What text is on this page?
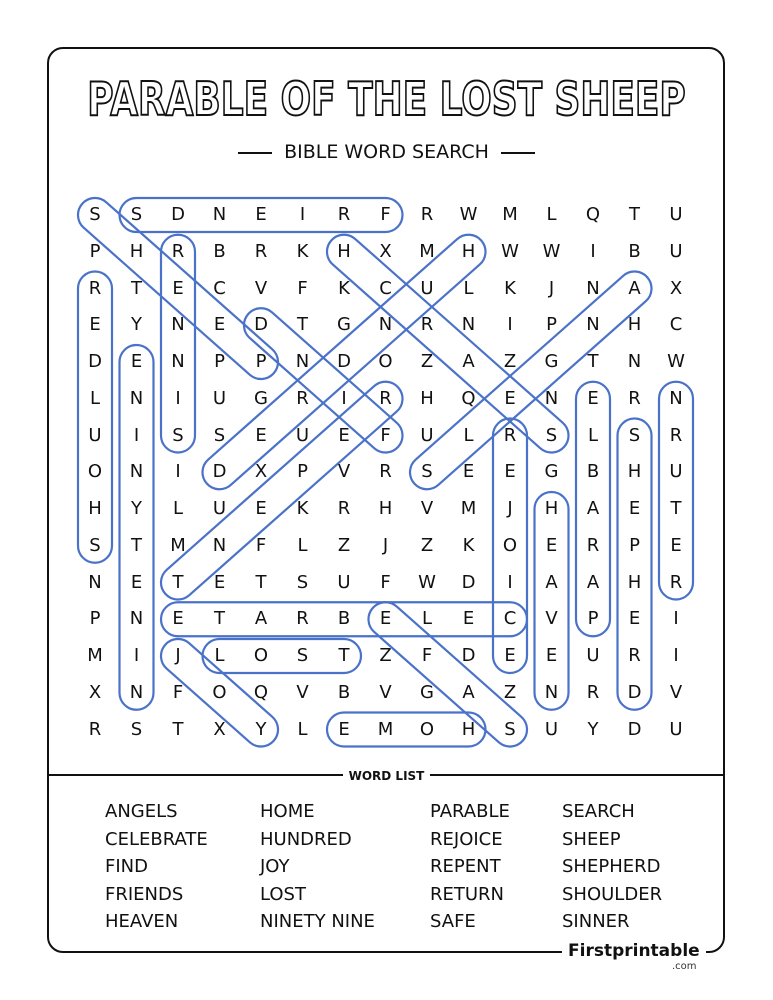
PARABLE OF THE LOST SHEEP
BIBLE WORD SEARCH
S	S	D	N	E	I	R	F	R	W	M	L	Q	T	U
P	H	R	B	R	K	H	X	M	H	W	W	I	B	U
R	T	E	C	V	F	K	C	U	L	K	J	N	A	X
E	Y	N	E	D	T	G	N	R	N	I	P	N	H	C
D	E	N	P	P	N	D	O	Z	A	Z	G	T	N	W
L	N	I	U	G	R	I	R	H	Q	E	N	E	R	N
U	I	S	S	E	U	E	F	U	L	R	S	L	S	R
O	N	I	D	X	P	V	R	S	E	E	G	B	H	U
H	Y	L	U	E	K	R	H	V	M	J	H	A	E	T
S	T	M	N	F	L	Z	J	Z	K	O	E	R	P	E
N	E	T	E	T	S	U	F	W	D	I	A	A	H	R
P	N	E	T	A	R	B	E	L	E	C	V	P	E	I
M	I	J	L	O	S	T	Z	F	D	E	E	U	R	I
X	N	F	O	Q	V	B	V	G	A	Z	N	R	D	V
R	S	T	X	Y	L	E	M	O	H	S	U	Y	D	U
WORD LIST
ANGELS
CELEBRATE
FIND
FRIENDS
HEAVEN
HOME
HUNDRED
JOY
LOST
NINETY NINE
PARABLE
REJOICE
REPENT
RETURN
SAFE
SEARCH
SHEEP
SHEPHERD
SHOULDER
SINNER
Firstprintable
.com
